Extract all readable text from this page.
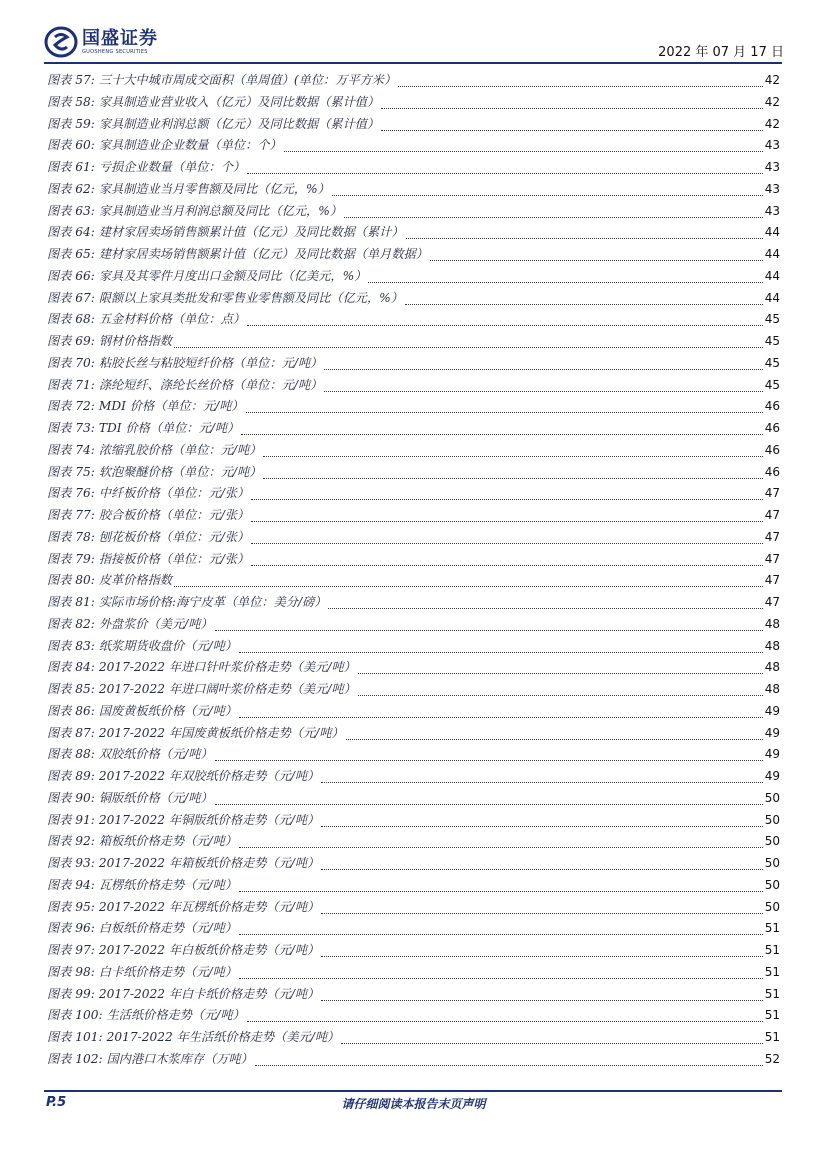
国盛证券
GUOSHENG SECURITIES	2022 年 07 月 17 日
图表 57: 三十大中城市周成交面积（单周值）(单位：万平方米）	42
图表 58: 家具制造业营业收入（亿元）及同比数据（累计值）	42
图表 59: 家具制造业利润总额（亿元）及同比数据（累计值）	42
图表 60: 家具制造业企业数量（单位：个）	43
图表 61: 亏损企业数量（单位：个）	43
图表 62: 家具制造业当月零售额及同比（亿元，%）	43
图表 63: 家具制造业当月利润总额及同比（亿元，%）	43
图表 64: 建材家居卖场销售额累计值（亿元）及同比数据（累计）	44
图表 65: 建材家居卖场销售额累计值（亿元）及同比数据（单月数据）	44
图表 66: 家具及其零件月度出口金额及同比（亿美元，%）	44
图表 67: 限额以上家具类批发和零售业零售额及同比（亿元，%）	44
图表 68: 五金材料价格（单位：点）	45
图表 69: 钢材价格指数	45
图表 70: 粘胶长丝与粘胶短纤价格（单位：元/吨）	45
图表 71: 涤纶短纤、涤纶长丝价格（单位：元/吨）	45
图表 72: MDI 价格（单位：元/吨）	46
图表 73: TDI 价格（单位：元/吨）	46
图表 74: 浓缩乳胶价格（单位：元/吨）	46
图表 75: 软泡聚醚价格（单位：元/吨）	46
图表 76: 中纤板价格（单位：元/张）	47
图表 77: 胶合板价格（单位：元/张）	47
图表 78: 刨花板价格（单位：元/张）	47
图表 79: 指接板价格（单位：元/张）	47
图表 80: 皮革价格指数	47
图表 81: 实际市场价格:海宁皮革（单位：美分/磅）	47
图表 82: 外盘浆价（美元/吨）	48
图表 83: 纸浆期货收盘价（元/吨）	48
图表 84: 2017-2022 年进口针叶浆价格走势（美元/吨）	48
图表 85: 2017-2022 年进口阔叶浆价格走势（美元/吨）	48
图表 86: 国废黄板纸价格（元/吨）	49
图表 87: 2017-2022 年国废黄板纸价格走势（元/吨）	49
图表 88: 双胶纸价格（元/吨）	49
图表 89: 2017-2022 年双胶纸价格走势（元/吨）	49
图表 90: 铜版纸价格（元/吨）	50
图表 91: 2017-2022 年铜版纸价格走势（元/吨）	50
图表 92: 箱板纸价格走势（元/吨）	50
图表 93: 2017-2022 年箱板纸价格走势（元/吨）	50
图表 94: 瓦楞纸价格走势（元/吨）	50
图表 95: 2017-2022 年瓦楞纸价格走势（元/吨）	50
图表 96: 白板纸价格走势（元/吨）	51
图表 97: 2017-2022 年白板纸价格走势（元/吨）	51
图表 98: 白卡纸价格走势（元/吨）	51
图表 99: 2017-2022 年白卡纸价格走势（元/吨）	51
图表 100: 生活纸价格走势（元/吨）	51
图表 101: 2017-2022 年生活纸价格走势（美元/吨）	51
图表 102: 国内港口木浆库存（万吨）	52
P.5	请仔细阅读本报告末页声明
